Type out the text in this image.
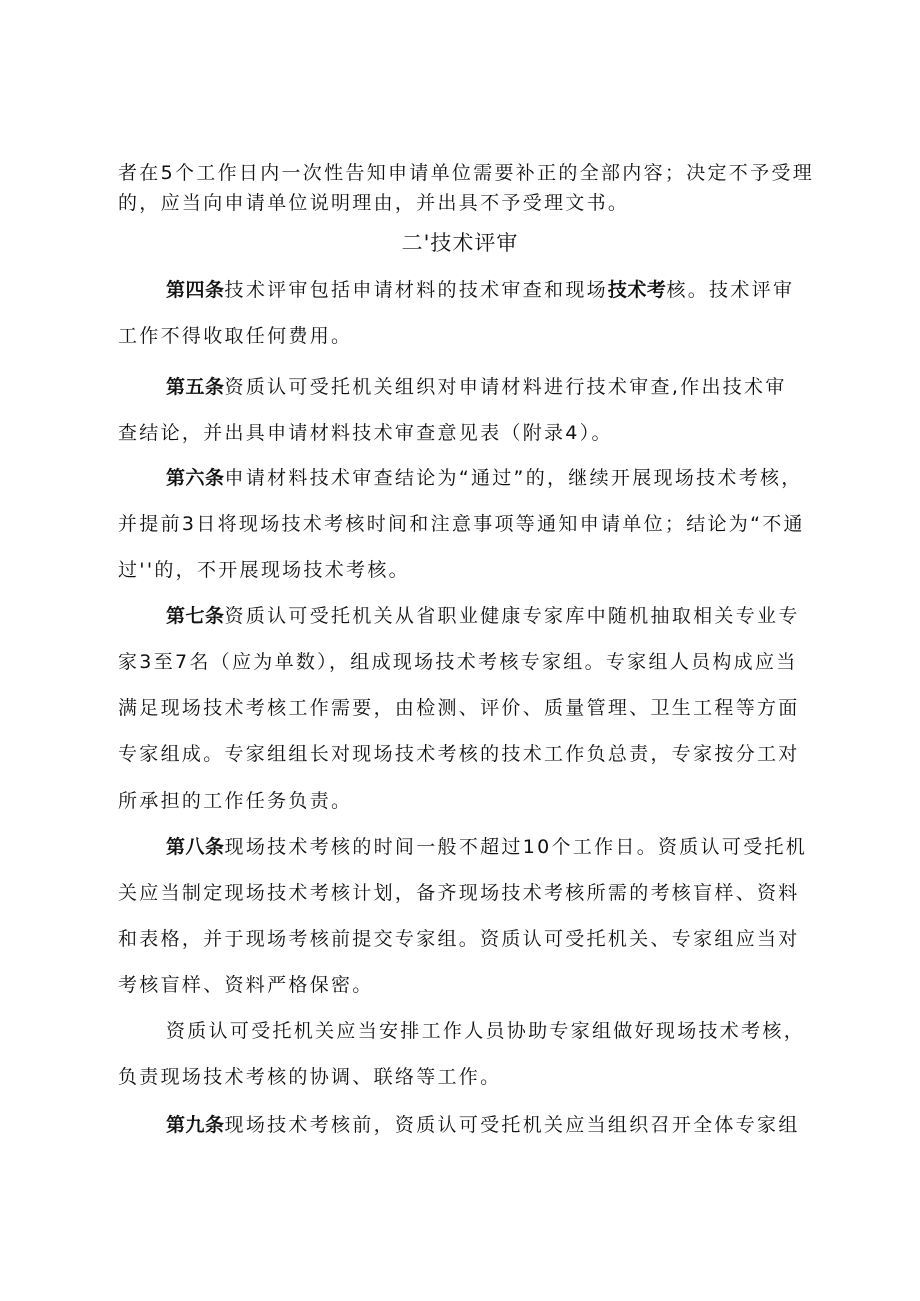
者在5个工作日内一次性告知申请单位需要补正的全部内容；决定不予受理
的，应当向申请单位说明理由，并出具不予受理文书。
二'技术评审
第四条技术评审包括申请材料的技术审查和现场技术考核。技术评审
工作不得收取任何费用。
第五条资质认可受托机关组织对申请材料进行技术审查,作出技术审
查结论，并出具申请材料技术审查意见表（附录4）。
第六条申请材料技术审查结论为“通过”的，继续开展现场技术考核，
并提前3日将现场技术考核时间和注意事项等通知申请单位；结论为“不通
过''的，不开展现场技术考核。
第七条资质认可受托机关从省职业健康专家库中随机抽取相关专业专
家3至7名（应为单数），组成现场技术考核专家组。专家组人员构成应当
满足现场技术考核工作需要，由检测、评价、质量管理、卫生工程等方面
专家组成。专家组组长对现场技术考核的技术工作负总责，专家按分工对
所承担的工作任务负责。
第八条现场技术考核的时间一般不超过10个工作日。资质认可受托机
关应当制定现场技术考核计划，备齐现场技术考核所需的考核盲样、资料
和表格，并于现场考核前提交专家组。资质认可受托机关、专家组应当对
考核盲样、资料严格保密。
资质认可受托机关应当安排工作人员协助专家组做好现场技术考核，
负责现场技术考核的协调、联络等工作。
第九条现场技术考核前，资质认可受托机关应当组织召开全体专家组
